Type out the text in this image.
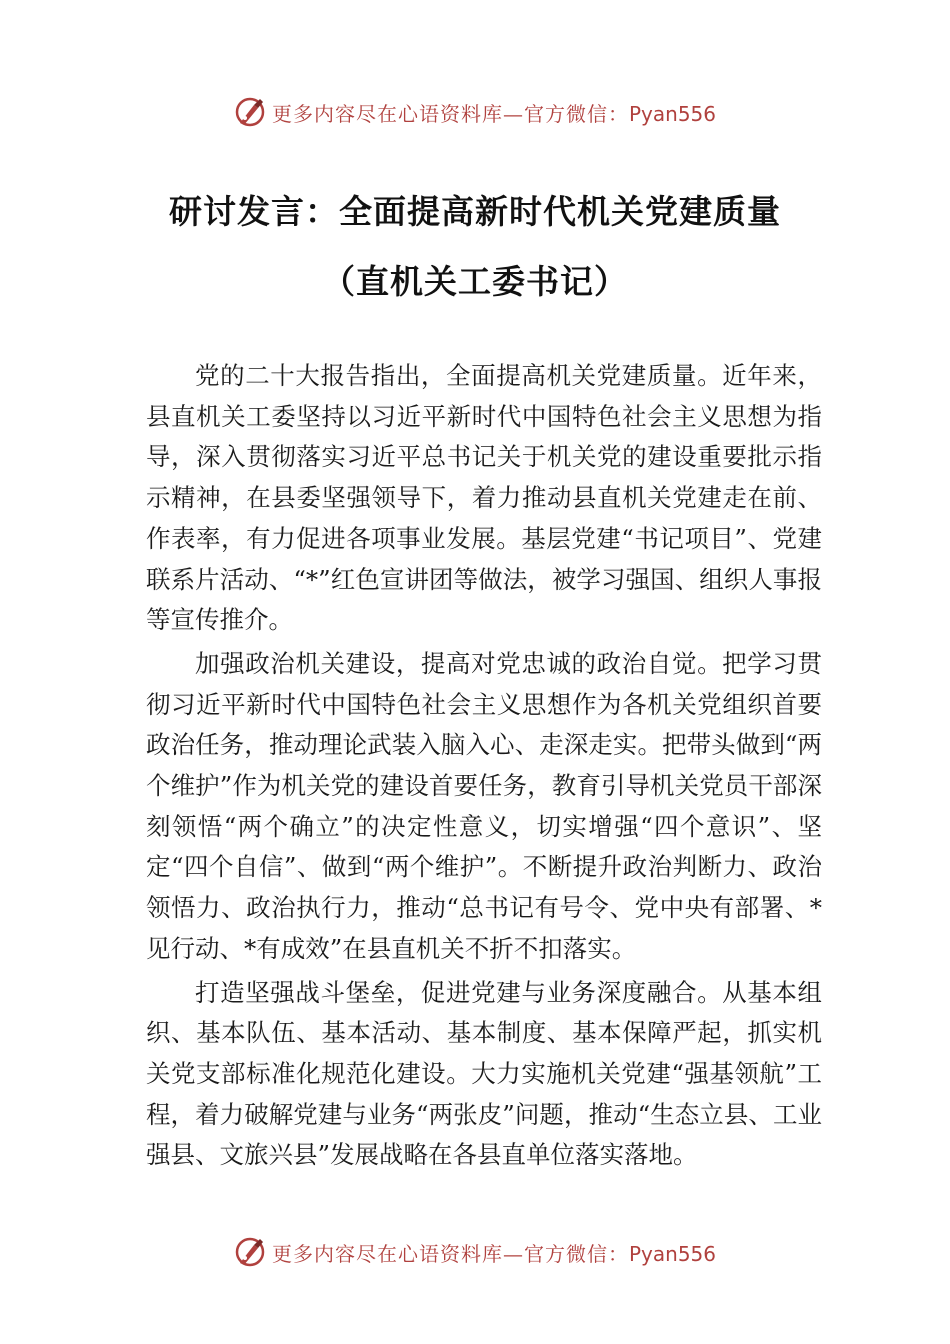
更多内容尽在心语资料库—官方微信：Pyan556
研讨发言：全面提高新时代机关党建质量
（直机关工委书记）

党的二十大报告指出，全面提高机关党建质量。近年来，县直机关工委坚持以习近平新时代中国特色社会主义思想为指导，深入贯彻落实习近平总书记关于机关党的建设重要批示指示精神，在县委坚强领导下，着力推动县直机关党建走在前、作表率，有力促进各项事业发展。基层党建“书记项目”、党建联系片活动、“*”红色宣讲团等做法，被学习强国、组织人事报等宣传推介。

加强政治机关建设，提高对党忠诚的政治自觉。把学习贯彻习近平新时代中国特色社会主义思想作为各机关党组织首要政治任务，推动理论武装入脑入心、走深走实。把带头做到“两个维护”作为机关党的建设首要任务，教育引导机关党员干部深刻领悟“两个确立”的决定性意义，切实增强“四个意识”、坚定“四个自信”、做到“两个维护”。不断提升政治判断力、政治领悟力、政治执行力，推动“总书记有号令、党中央有部署、*见行动、*有成效”在县直机关不折不扣落实。

打造坚强战斗堡垒，促进党建与业务深度融合。从基本组织、基本队伍、基本活动、基本制度、基本保障严起，抓实机关党支部标准化规范化建设。大力实施机关党建“强基领航”工程，着力破解党建与业务“两张皮”问题，推动“生态立县、工业强县、文旅兴县”发展战略在各县直单位落实落地。

更多内容尽在心语资料库—官方微信：Pyan556
